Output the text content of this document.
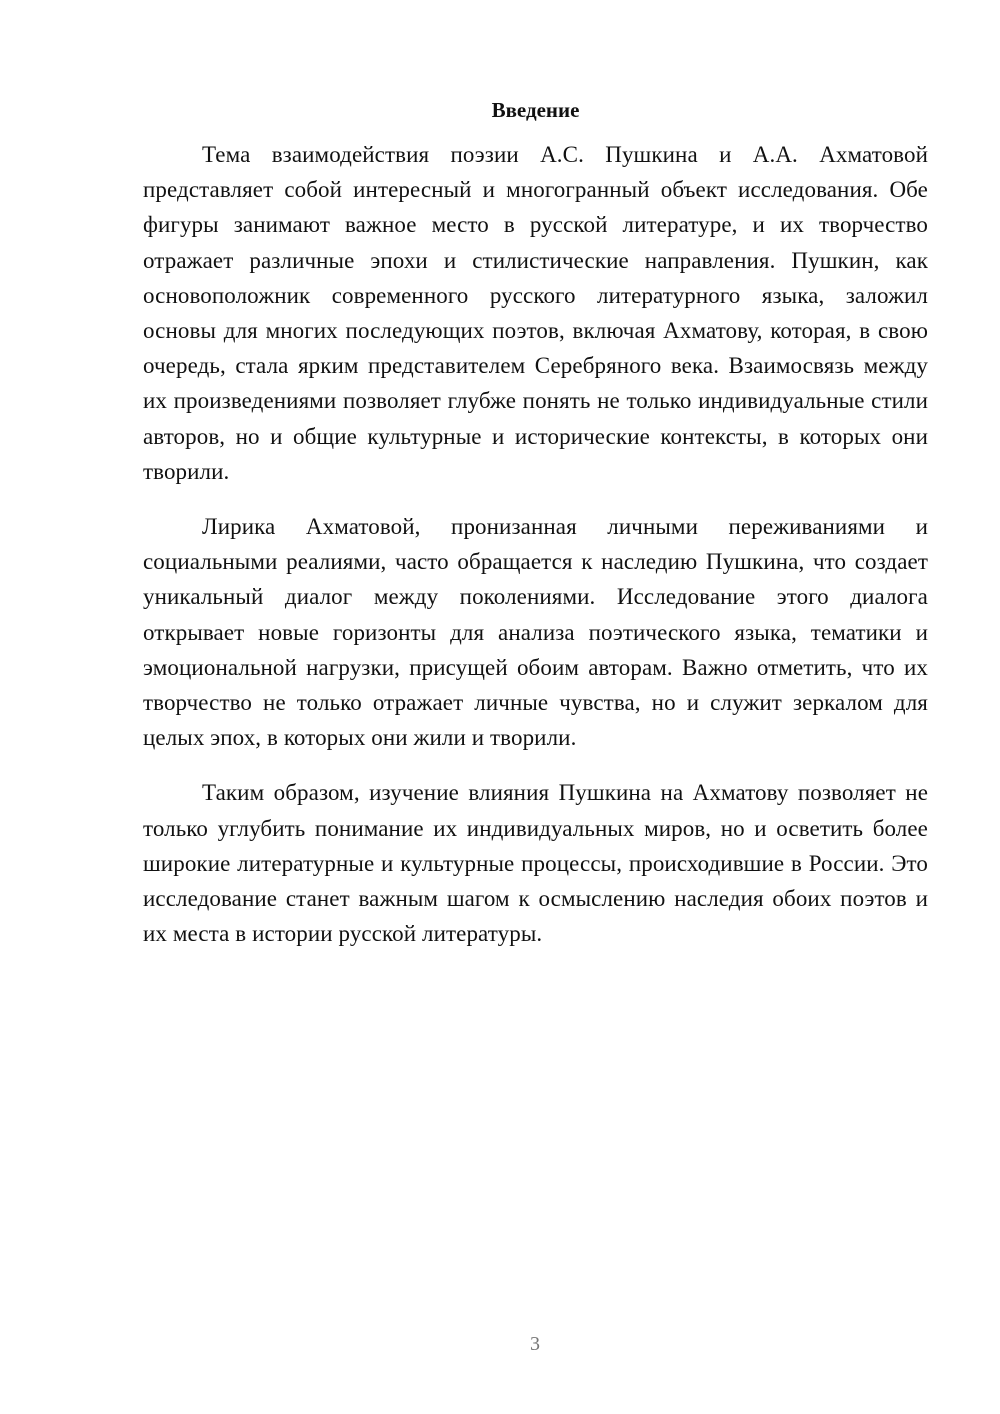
Введение

Тема взаимодействия поэзии А.С. Пушкина и А.А. Ахматовой представляет собой интересный и многогранный объект исследования. Обе фигуры занимают важное место в русской литературе, и их творчество отражает различные эпохи и стилистические направления. Пушкин, как основоположник современного русского литературного языка, заложил основы для многих последующих поэтов, включая Ахматову, которая, в свою очередь, стала ярким представителем Серебряного века. Взаимосвязь между их произведениями позволяет глубже понять не только индивидуальные стили авторов, но и общие культурные и исторические контексты, в которых они творили.

Лирика Ахматовой, пронизанная личными переживаниями и социальными реалиями, часто обращается к наследию Пушкина, что создает уникальный диалог между поколениями. Исследование этого диалога открывает новые горизонты для анализа поэтического языка, тематики и эмоциональной нагрузки, присущей обоим авторам. Важно отметить, что их творчество не только отражает личные чувства, но и служит зеркалом для целых эпох, в которых они жили и творили.

Таким образом, изучение влияния Пушкина на Ахматову позволяет не только углубить понимание их индивидуальных миров, но и осветить более широкие литературные и культурные процессы, происходившие в России. Это исследование станет важным шагом к осмыслению наследия обоих поэтов и их места в истории русской литературы.

3
